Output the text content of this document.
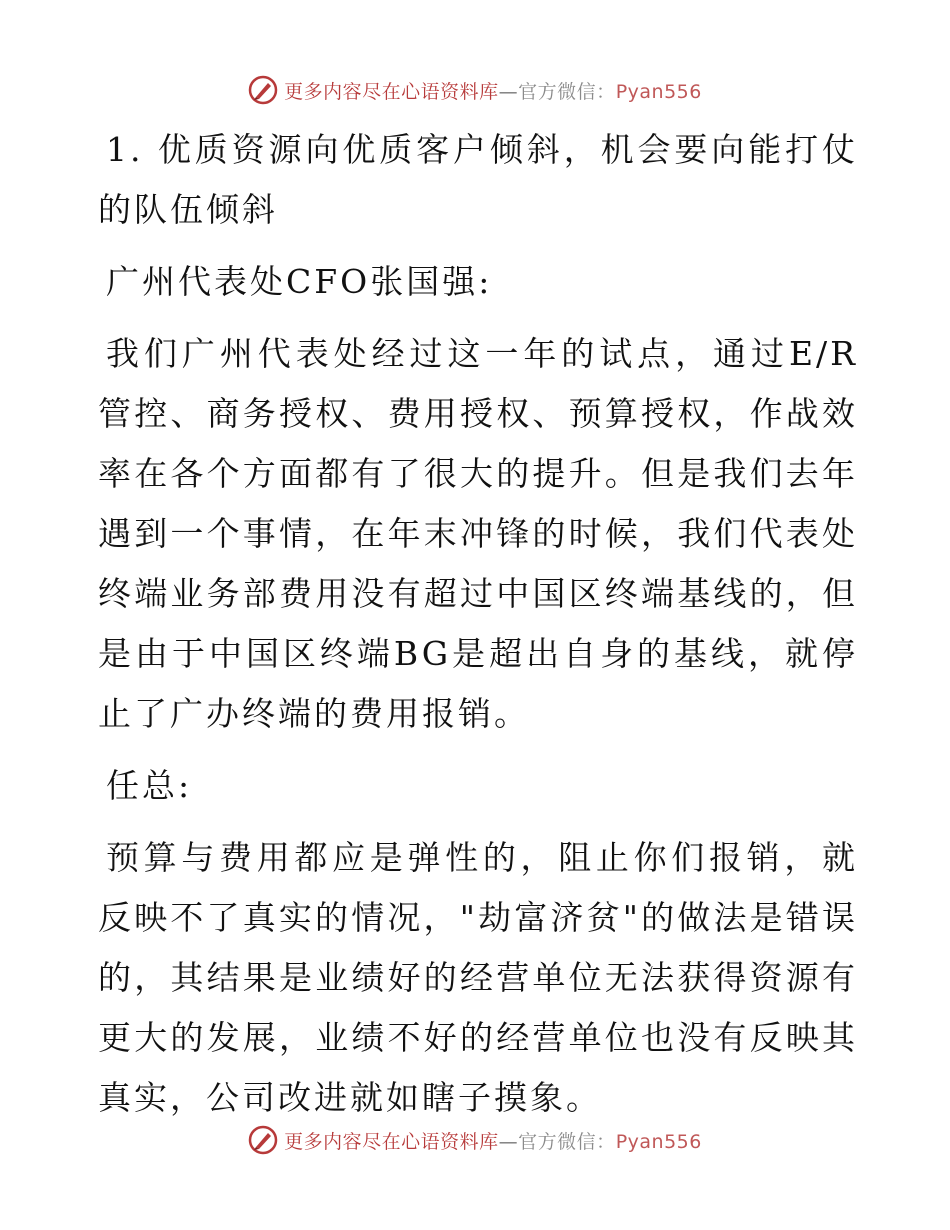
更多内容尽在心语资料库—官方微信：Pyan556

1. 优质资源向优质客户倾斜，机会要向能打仗的队伍倾斜

广州代表处CFO张国强:

我们广州代表处经过这一年的试点，通过E/R管控、商务授权、费用授权、预算授权，作战效率在各个方面都有了很大的提升。但是我们去年遇到一个事情，在年末冲锋的时候，我们代表处终端业务部费用没有超过中国区终端基线的，但是由于中国区终端BG是超出自身的基线，就停止了广办终端的费用报销。

任总:

预算与费用都应是弹性的，阻止你们报销，就反映不了真实的情况，"劫富济贫"的做法是错误的，其结果是业绩好的经营单位无法获得资源有更大的发展，业绩不好的经营单位也没有反映其真实，公司改进就如瞎子摸象。

更多内容尽在心语资料库—官方微信：Pyan556
